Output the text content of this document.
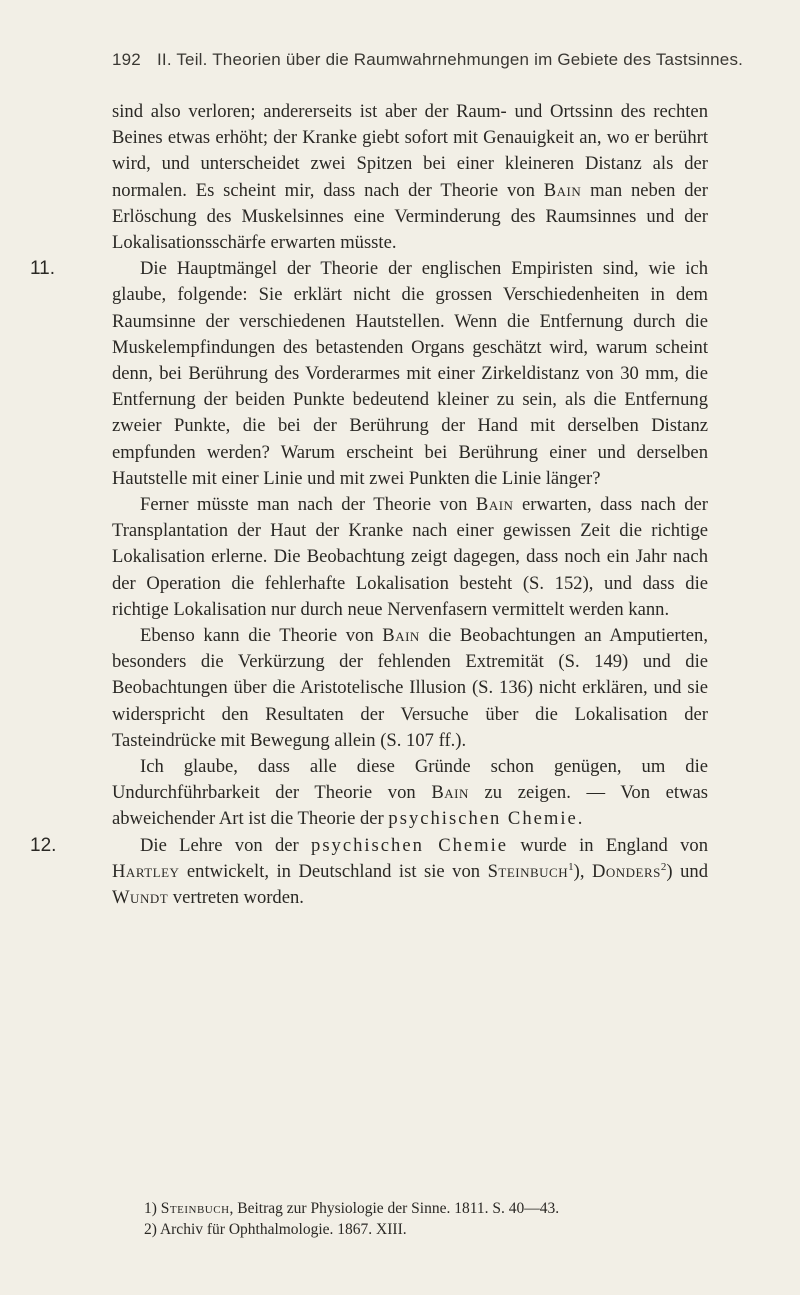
192 II. Teil. Theorien über die Raumwahrnehmungen im Gebiete des Tastsinnes.

sind also verloren; andererseits ist aber der Raum- und Ortssinn des rechten Beines etwas erhöht; der Kranke giebt sofort mit Genauigkeit an, wo er berührt wird, und unterscheidet zwei Spitzen bei einer kleineren Distanz als der normalen. Es scheint mir, dass nach der Theorie von Bain man neben der Erlöschung des Muskelsinnes eine Verminderung des Raumsinnes und der Lokalisationsschärfe erwarten müsste.

11.	Die Hauptmängel der Theorie der englischen Empiristen sind, wie ich glaube, folgende: Sie erklärt nicht die grossen Verschiedenheiten in dem Raumsinne der verschiedenen Hautstellen. Wenn die Entfernung durch die Muskelempfindungen des betastenden Organs geschätzt wird, warum scheint denn, bei Berührung des Vorderarmes mit einer Zirkeldistanz von 30 mm, die Entfernung der beiden Punkte bedeutend kleiner zu sein, als die Entfernung zweier Punkte, die bei der Berührung der Hand mit derselben Distanz empfunden werden? Warum erscheint bei Berührung einer und derselben Hautstelle mit einer Linie und mit zwei Punkten die Linie länger?

Ferner müsste man nach der Theorie von Bain erwarten, dass nach der Transplantation der Haut der Kranke nach einer gewissen Zeit die richtige Lokalisation erlerne. Die Beobachtung zeigt dagegen, dass noch ein Jahr nach der Operation die fehlerhafte Lokalisation besteht (S. 152), und dass die richtige Lokalisation nur durch neue Nervenfasern vermittelt werden kann.

Ebenso kann die Theorie von Bain die Beobachtungen an Amputierten, besonders die Verkürzung der fehlenden Extremität (S. 149) und die Beobachtungen über die Aristotelische Illusion (S. 136) nicht erklären, und sie widerspricht den Resultaten der Versuche über die Lokalisation der Tasteindrücke mit Bewegung allein (S. 107 ff.).

Ich glaube, dass alle diese Gründe schon genügen, um die Undurchführbarkeit der Theorie von Bain zu zeigen. — Von etwas abweichender Art ist die Theorie der psychischen Chemie.

12.	Die Lehre von der psychischen Chemie wurde in England von Hartley entwickelt, in Deutschland ist sie von Steinbuch$^1$), Donders$^2$) und Wundt vertreten worden.

1) Steinbuch, Beitrag zur Physiologie der Sinne. 1811. S. 40—43.
2) Archiv für Ophthalmologie. 1867. XIII.
